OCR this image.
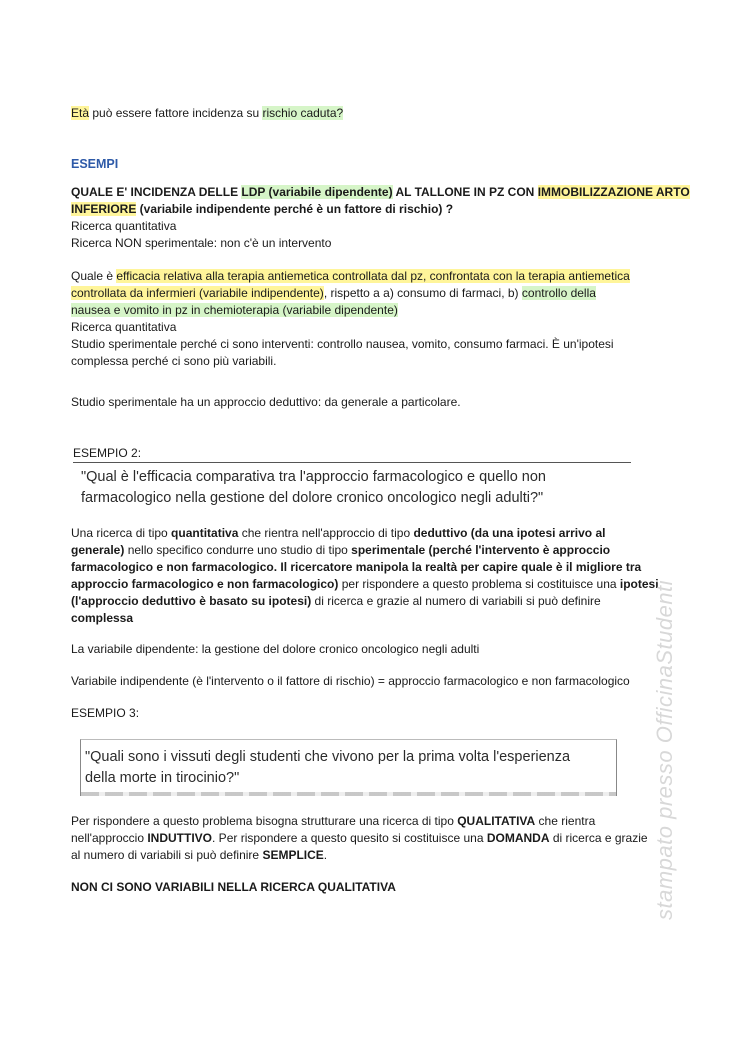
Età può essere fattore incidenza su rischio caduta?
ESEMPI
QUALE E' INCIDENZA DELLE LDP (variabile dipendente) AL TALLONE IN PZ CON IMMOBILIZZAZIONE ARTO
INFERIORE (variabile indipendente perché è un fattore di rischio) ?
Ricerca quantitativa
Ricerca NON sperimentale: non c'è un intervento
Quale è efficacia relativa alla terapia antiemetica controllata dal pz, confrontata con la terapia antiemetica
controllata da infermieri (variabile indipendente), rispetto a a) consumo di farmaci, b) controllo della
nausea e vomito in pz in chemioterapia (variabile dipendente)
Ricerca quantitativa
Studio sperimentale perché ci sono interventi: controllo nausea, vomito, consumo farmaci. È un'ipotesi
complessa perché ci sono più variabili.
Studio sperimentale ha un approccio deduttivo: da generale a particolare.
ESEMPIO 2:
"Qual è l'efficacia comparativa tra l'approccio farmacologico e quello non
farmacologico nella gestione del dolore cronico oncologico negli adulti?"
Una ricerca di tipo quantitativa che rientra nell'approccio di tipo deduttivo (da una ipotesi arrivo al
generale) nello specifico condurre uno studio di tipo sperimentale (perché l'intervento è approccio
farmacologico e non farmacologico. Il ricercatore manipola la realtà per capire quale è il migliore tra
approccio farmacologico e non farmacologico) per rispondere a questo problema si costituisce una ipotesi
(l'approccio deduttivo è basato su ipotesi) di ricerca e grazie al numero di variabili si può definire
complessa
La variabile dipendente: la gestione del dolore cronico oncologico negli adulti
Variabile indipendente (è l'intervento o il fattore di rischio) = approccio farmacologico e non farmacologico
ESEMPIO 3:
"Quali sono i vissuti degli studenti che vivono per la prima volta l'esperienza
della morte in tirocinio?"
Per rispondere a questo problema bisogna strutturare una ricerca di tipo QUALITATIVA che rientra
nell'approccio INDUTTIVO. Per rispondere a questo quesito si costituisce una DOMANDA di ricerca e grazie
al numero di variabili si può definire SEMPLICE.
NON CI SONO VARIABILI NELLA RICERCA QUALITATIVA	stampato presso OfficinaStudenti
